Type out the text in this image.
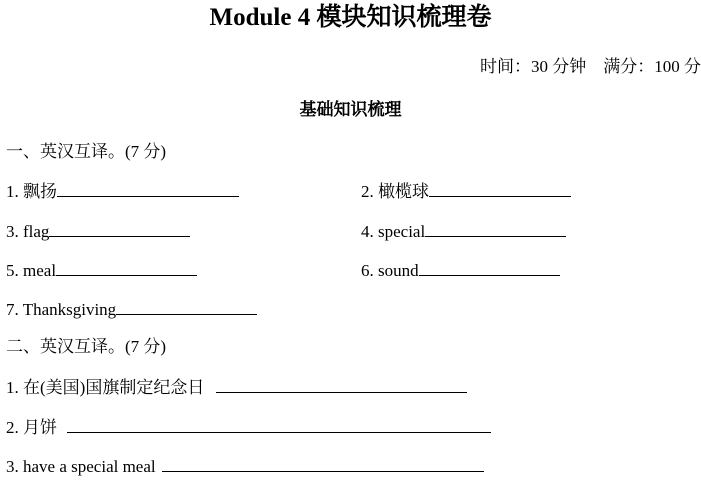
Module 4 模块知识梳理卷
时间：30 分钟　满分：100 分
基础知识梳理
一、英汉互译。(7 分)
1. 飘扬	2. 橄榄球
3. flag	4. special
5. meal	6. sound
7. Thanksgiving
二、英汉互译。(7 分)
1. 在(美国)国旗制定纪念日
2. 月饼
3. have a special meal
